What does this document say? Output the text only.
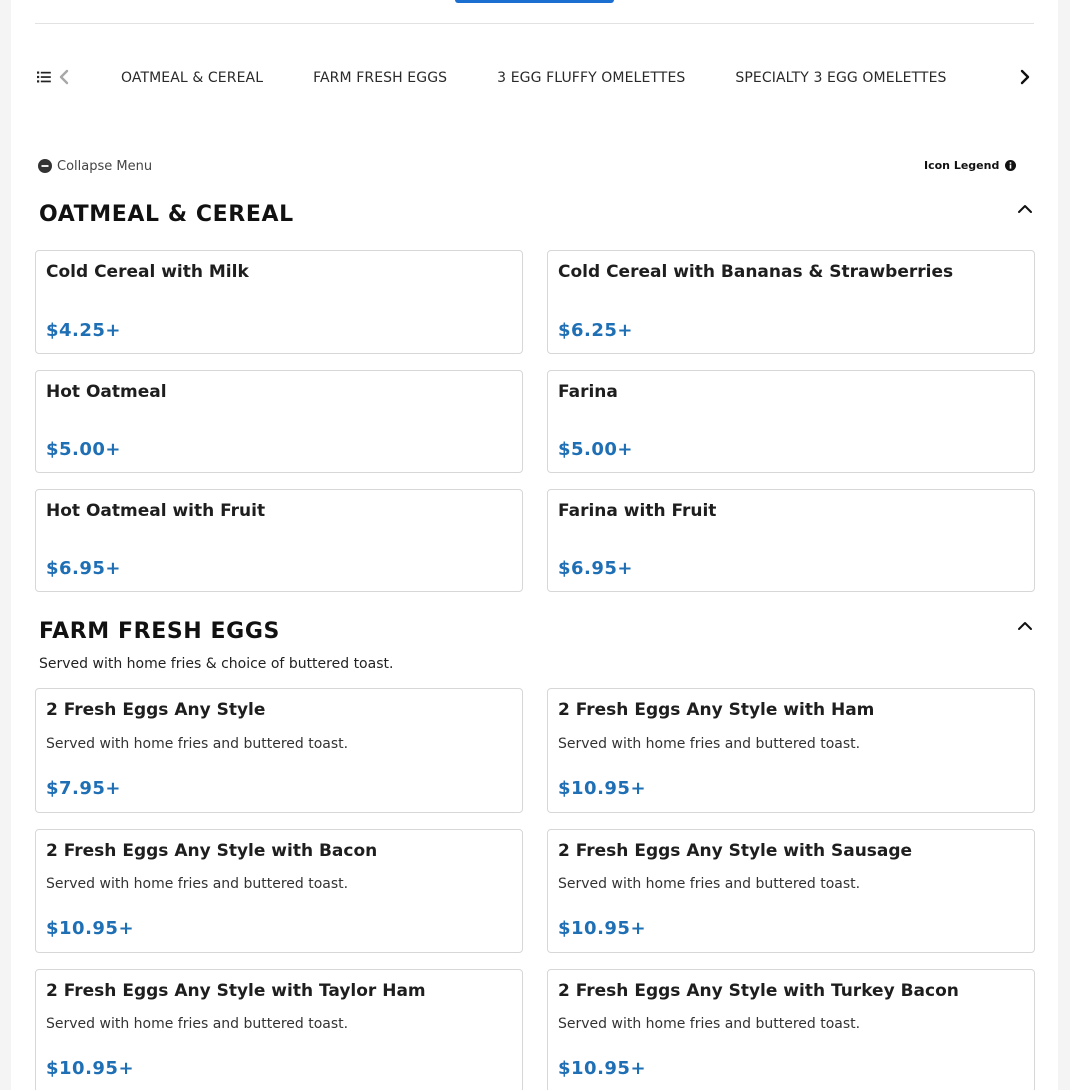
OATMEAL & CEREAL	FARM FRESH EGGS	3 EGG FLUFFY OMELETTES	SPECIALTY 3 EGG OMELETTES
Collapse Menu	Icon Legend
OATMEAL & CEREAL
Cold Cereal with Milk
$4.25+
Cold Cereal with Bananas & Strawberries
$6.25+
Hot Oatmeal
$5.00+
Farina
$5.00+
Hot Oatmeal with Fruit
$6.95+
Farina with Fruit
$6.95+
FARM FRESH EGGS
Served with home fries & choice of buttered toast.
2 Fresh Eggs Any Style
Served with home fries and buttered toast.
$7.95+
2 Fresh Eggs Any Style with Ham
Served with home fries and buttered toast.
$10.95+
2 Fresh Eggs Any Style with Bacon
Served with home fries and buttered toast.
$10.95+
2 Fresh Eggs Any Style with Sausage
Served with home fries and buttered toast.
$10.95+
2 Fresh Eggs Any Style with Taylor Ham
Served with home fries and buttered toast.
$10.95+
2 Fresh Eggs Any Style with Turkey Bacon
Served with home fries and buttered toast.
$10.95+
